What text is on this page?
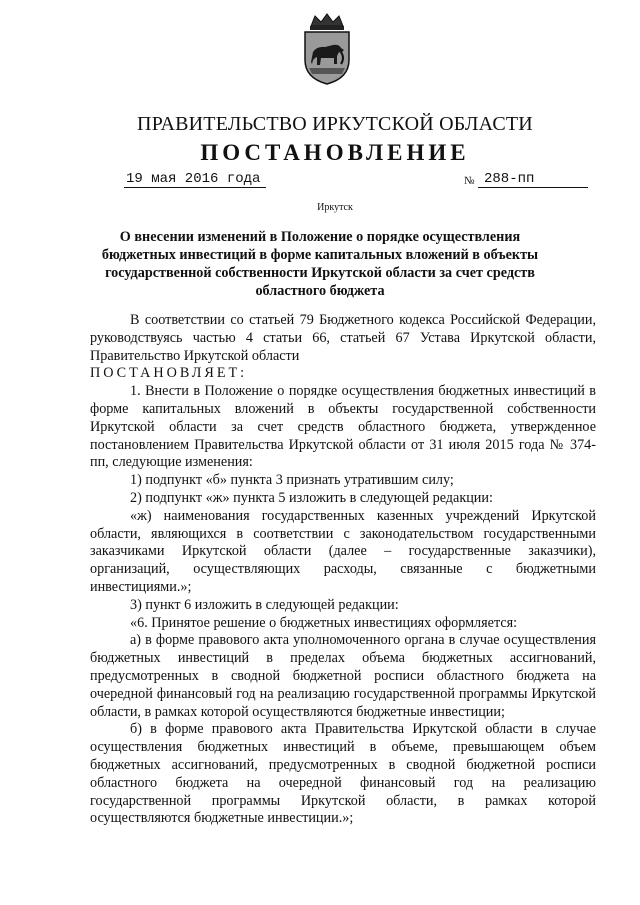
ПРАВИТЕЛЬСТВО ИРКУТСКОЙ ОБЛАСТИ
ПОСТАНОВЛЕНИЕ
19 мая 2016 года	№ 288-пп
Иркутск
О внесении изменений в Положение о порядке осуществления бюджетных инвестиций в форме капитальных вложений в объекты государственной собственности Иркутской области за счет средств областного бюджета

В соответствии со статьей 79 Бюджетного кодекса Российской Федерации, руководствуясь частью 4 статьи 66, статьей 67 Устава Иркутской области, Правительство Иркутской области

ПОСТАНОВЛЯЕТ:

1. Внести в Положение о порядке осуществления бюджетных инвестиций в форме капитальных вложений в объекты государственной собственности Иркутской области за счет средств областного бюджета, утвержденное постановлением Правительства Иркутской области от 31 июля 2015 года № 374-пп, следующие изменения:

1) подпункт «б» пункта 3 признать утратившим силу;

2) подпункт «ж» пункта 5 изложить в следующей редакции:

«ж) наименования государственных казенных учреждений Иркутской области, являющихся в соответствии с законодательством государственными заказчиками Иркутской области (далее – государственные заказчики), организаций, осуществляющих расходы, связанные с бюджетными инвестициями.»;

3) пункт 6 изложить в следующей редакции:

«6. Принятое решение о бюджетных инвестициях оформляется:

а) в форме правового акта уполномоченного органа в случае осуществления бюджетных инвестиций в пределах объема бюджетных ассигнований, предусмотренных в сводной бюджетной росписи областного бюджета на очередной финансовый год на реализацию государственной программы Иркутской области, в рамках которой осуществляются бюджетные инвестиции;

б) в форме правового акта Правительства Иркутской области в случае осуществления бюджетных инвестиций в объеме, превышающем объем бюджетных ассигнований, предусмотренных в сводной бюджетной росписи областного бюджета на очередной финансовый год на реализацию государственной программы Иркутской области, в рамках которой осуществляются бюджетные инвестиции.»;
